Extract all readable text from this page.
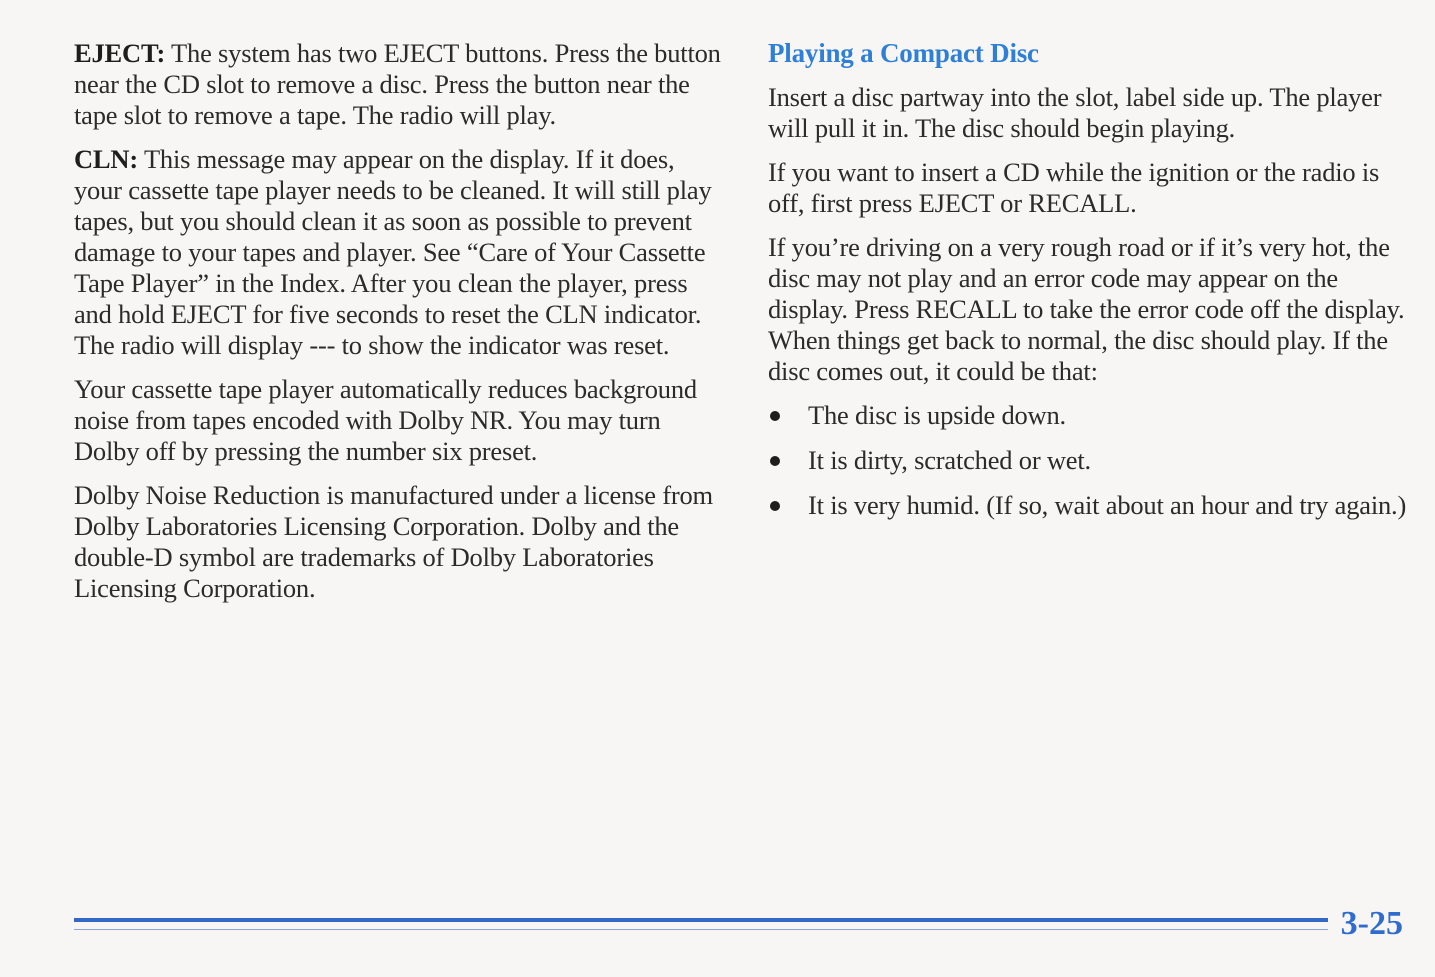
EJECT: The system has two EJECT buttons. Press the button near the CD slot to remove a disc. Press the button near the tape slot to remove a tape. The radio will play.

CLN: This message may appear on the display. If it does, your cassette tape player needs to be cleaned. It will still play tapes, but you should clean it as soon as possible to prevent damage to your tapes and player. See “Care of Your Cassette Tape Player” in the Index. After you clean the player, press and hold EJECT for five seconds to reset the CLN indicator. The radio will display --- to show the indicator was reset.

Your cassette tape player automatically reduces background noise from tapes encoded with Dolby NR. You may turn Dolby off by pressing the number six preset.

Dolby Noise Reduction is manufactured under a license from Dolby Laboratories Licensing Corporation. Dolby and the double-D symbol are trademarks of Dolby Laboratories Licensing Corporation.

Playing a Compact Disc

Insert a disc partway into the slot, label side up. The player will pull it in. The disc should begin playing.

If you want to insert a CD while the ignition or the radio is off, first press EJECT or RECALL.

If you’re driving on a very rough road or if it’s very hot, the disc may not play and an error code may appear on the display. Press RECALL to take the error code off the display. When things get back to normal, the disc should play. If the disc comes out, it could be that:

The disc is upside down.
It is dirty, scratched or wet.
It is very humid. (If so, wait about an hour and try again.)
3-25
